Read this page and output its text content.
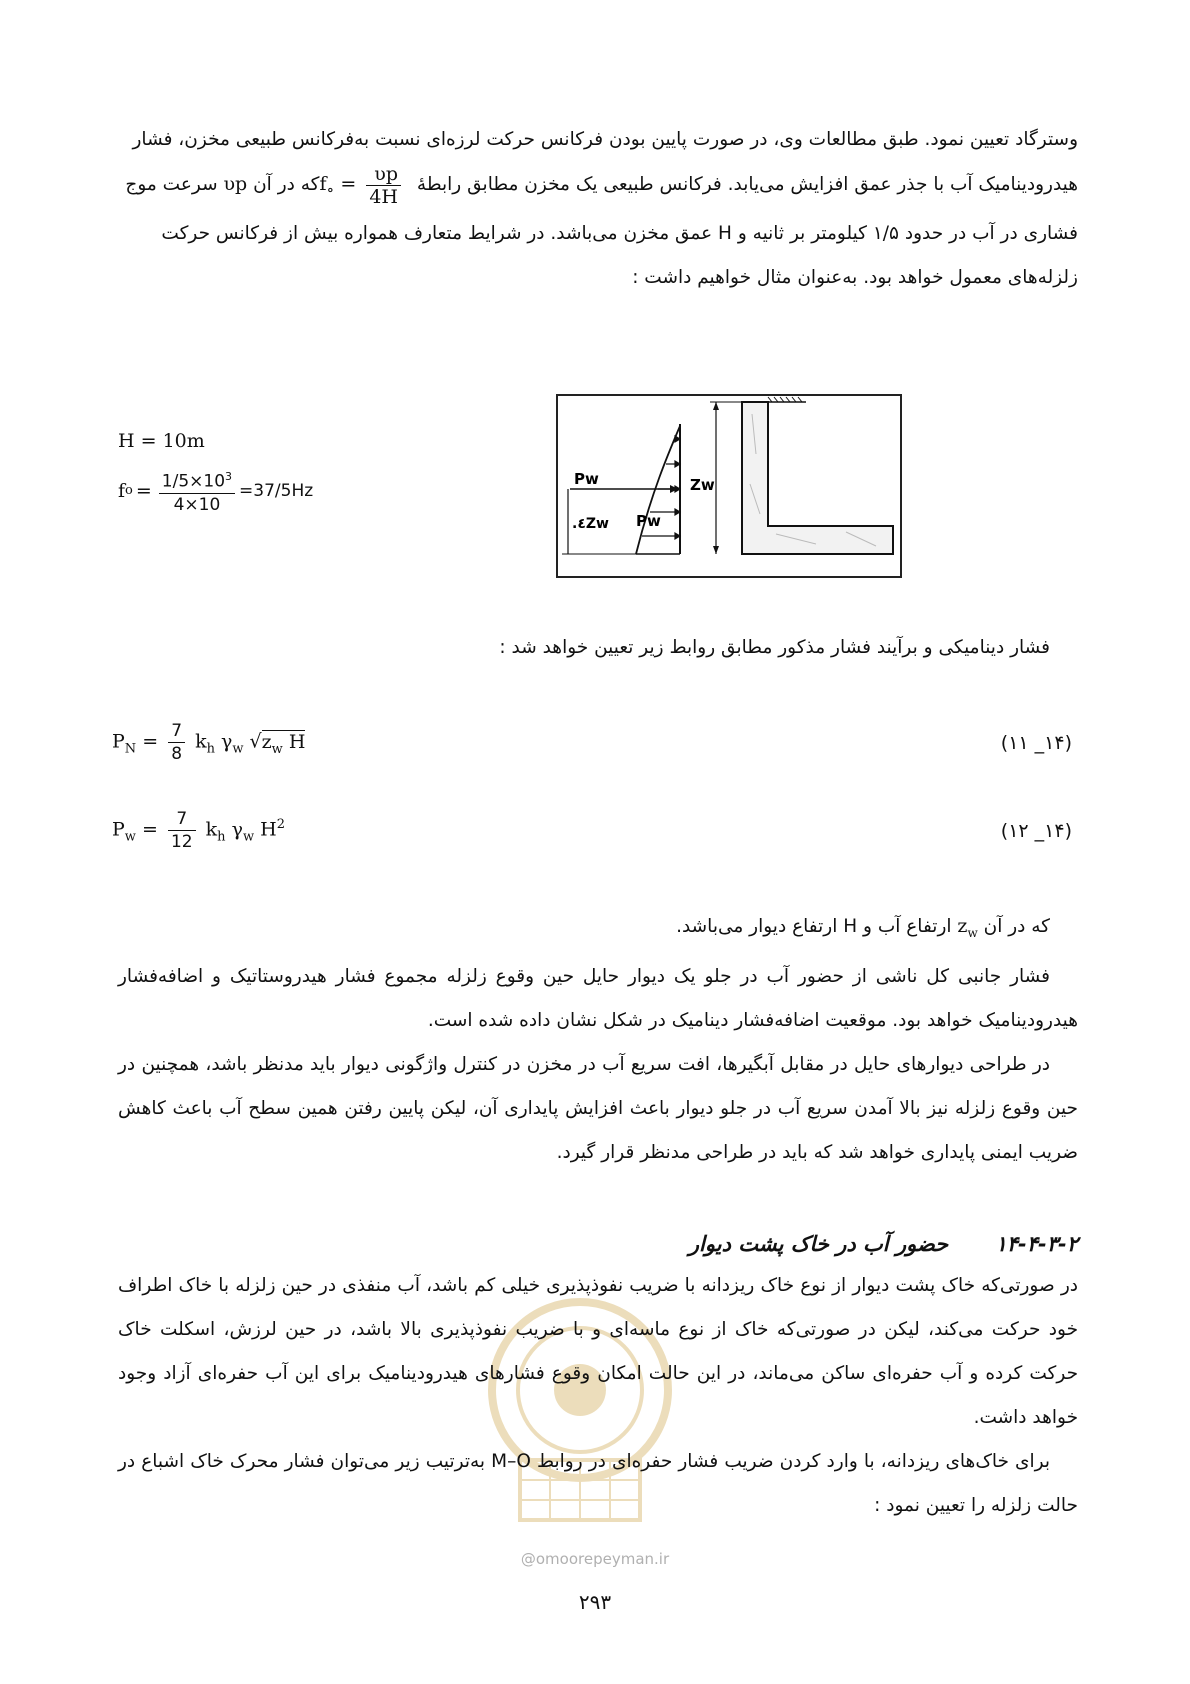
وسترگاد تعیین نمود. طبق مطالعات وی، در صورت پایین بودن فرکانس حرکت لرزه‌ای نسبت به‌فرکانس طبیعی مخزن، فشار

هیدرودینامیک آب با جذر عمق افزایش می‌یابد. فرکانس طبیعی یک مخزن مطابق رابطهٔ $f_\circ = \frac{\upsilon p}{4H}$
که در آن υp سرعت موج

فشاری در آب در حدود ۱/۵ کیلومتر بر ثانیه و H عمق مخزن می‌باشد. در شرایط متعارف همواره بیش از فرکانس حرکت

زلزله‌های معمول خواهد بود. به‌عنوان مثال خواهیم داشت :

H = 10m
f $o = \frac{1/5\times 10^3}{4\times 10} =37/5Hz$
Pw
Pw
Zw
.٤Zw

فشار دینامیکی و برآیند فشار مذکور مطابق روابط زیر تعیین خواهد شد :

$P_N = \frac{7}{8} k_h$ $\gamma_w$ $√z_w$ H	(۱۴_ ۱۱)
$P_w = \frac{7}{12} k_h$ $\gamma_w$ $H^2$	(۱۴_ ۱۲)

که در آن $z_w$ ارتفاع آب و H ارتفاع دیوار می‌باشد.

فشار جانبی کل ناشی از حضور آب در جلو یک دیوار حایل حین وقوع زلزله مجموع فشار هیدروستاتیک و اضافه‌فشار هیدرودینامیک خواهد بود. موقعیت اضافه‌فشار دینامیک در شکل نشان داده شده است.

در طراحی دیوارهای حایل در مقابل آبگیرها، افت سریع آب در مخزن در کنترل واژگونی دیوار باید مدنظر باشد، همچنین در حین وقوع زلزله نیز بالا آمدن سریع آب در جلو دیوار باعث افزایش پایداری آن، لیکن پایین رفتن همین سطح آب باعث کاهش ضریب ایمنی پایداری خواهد شد که باید در طراحی مدنظر قرار گیرد.

۱۴-۴-۳-۲ حضور آب در خاک پشت دیوار

در صورتی‌که خاک پشت دیوار از نوع خاک ریزدانه با ضریب نفوذپذیری خیلی کم باشد، آب منفذی در حین زلزله با خاک اطراف خود حرکت می‌کند، لیکن در صورتی‌که خاک از نوع ماسه‌ای و با ضریب نفوذپذیری بالا باشد، در حین لرزش، اسکلت خاک حرکت کرده و آب حفره‌ای ساکن می‌ماند، در این حالت امکان وقوع فشارهای هیدرودینامیک برای این آب حفره‌ای آزاد وجود خواهد داشت.

برای خاک‌های ریزدانه، با وارد کردن ضریب فشار حفره‌ای در روابط M–O به‌ترتیب زیر می‌توان فشار محرک خاک اشباع در حالت زلزله را تعیین نمود :

@omoorepeyman.ir
۲۹۳
